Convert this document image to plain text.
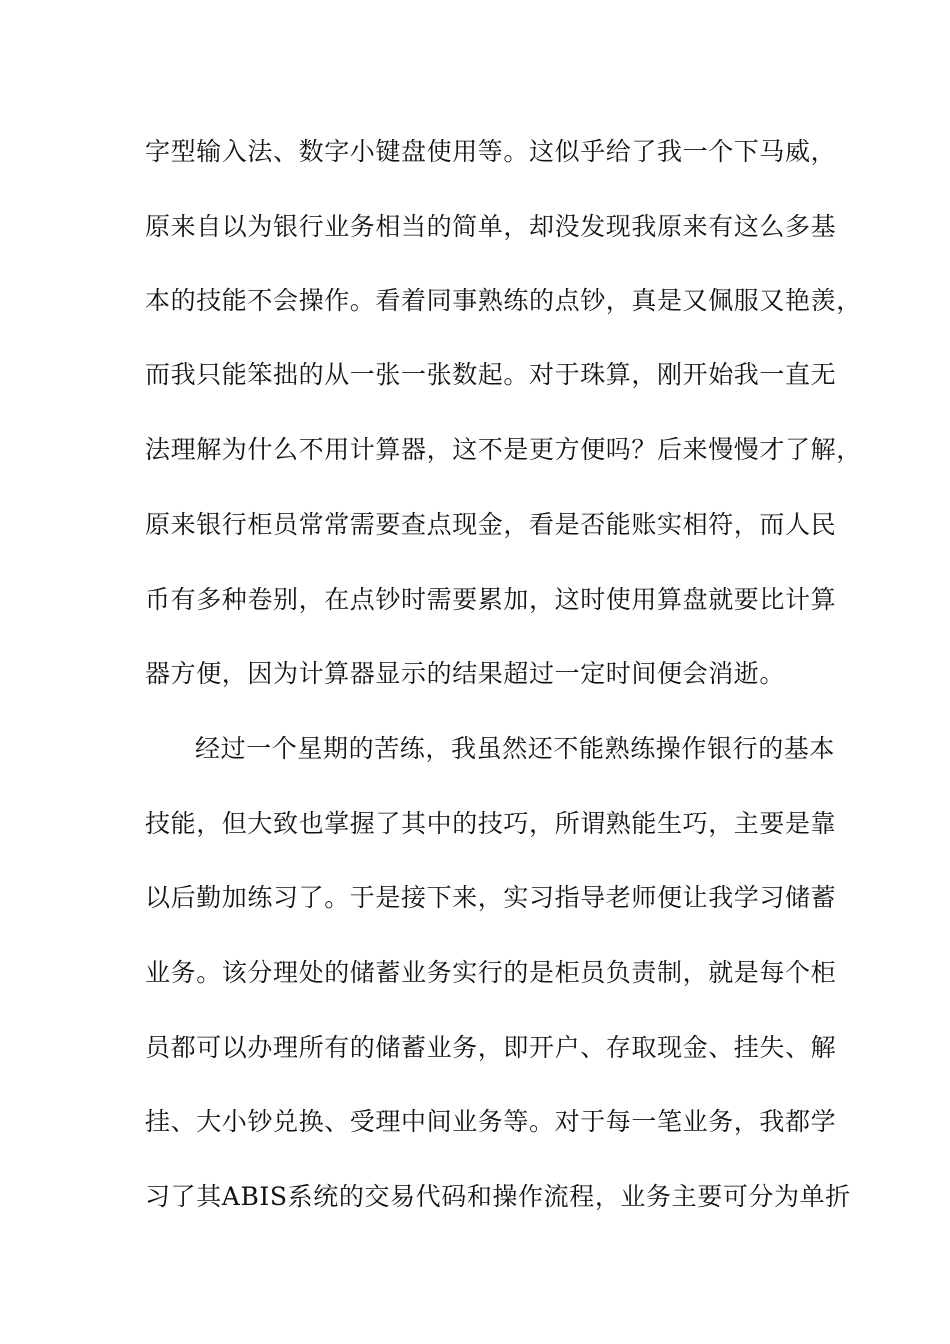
字型输入法、数字小键盘使用等。这似乎给了我一个下马威，
原来自以为银行业务相当的简单，却没发现我原来有这么多基
本的技能不会操作。看着同事熟练的点钞，真是又佩服又艳羡，
而我只能笨拙的从一张一张数起。对于珠算，刚开始我一直无
法理解为什么不用计算器，这不是更方便吗？后来慢慢才了解，
原来银行柜员常常需要查点现金，看是否能账实相符，而人民
币有多种卷别，在点钞时需要累加，这时使用算盘就要比计算
器方便，因为计算器显示的结果超过一定时间便会消逝。
经过一个星期的苦练，我虽然还不能熟练操作银行的基本
技能，但大致也掌握了其中的技巧，所谓熟能生巧，主要是靠
以后勤加练习了。于是接下来，实习指导老师便让我学习储蓄
业务。该分理处的储蓄业务实行的是柜员负责制，就是每个柜
员都可以办理所有的储蓄业务，即开户、存取现金、挂失、解
挂、大小钞兑换、受理中间业务等。对于每一笔业务，我都学
习了其ABIS系统的交易代码和操作流程，业务主要可分为单折
